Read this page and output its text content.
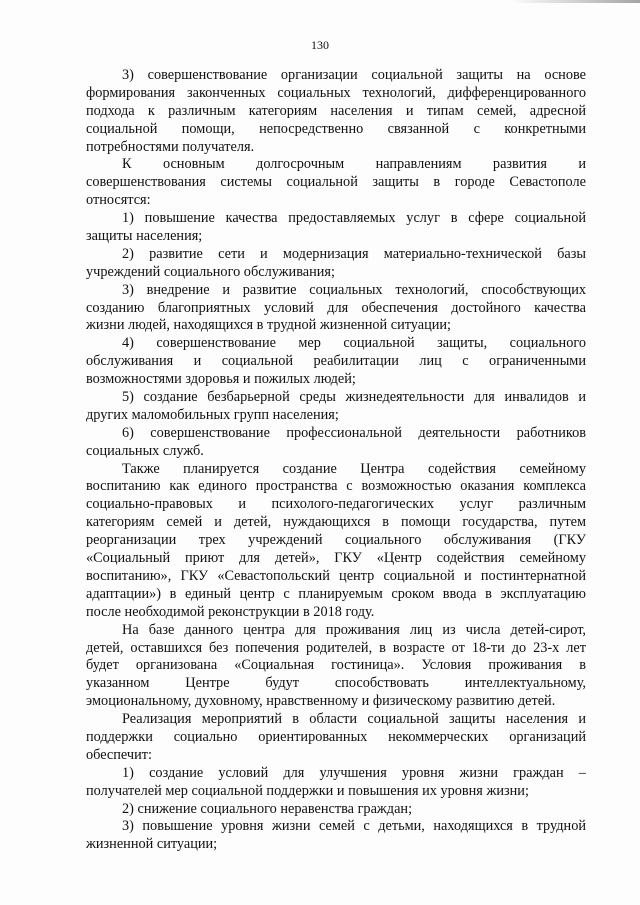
130
3) совершенствование организации социальной защиты на основе
формирования законченных социальных технологий, дифференцированного
подхода к различным категориям населения и типам семей, адресной
социальной помощи, непосредственно связанной с конкретными
потребностями получателя.
К основным долгосрочным направлениям развития и
совершенствования системы социальной защиты в городе Севастополе
относятся:
1) повышение качества предоставляемых услуг в сфере социальной
защиты населения;
2) развитие сети и модернизация материально-технической базы
учреждений социального обслуживания;
3) внедрение и развитие социальных технологий, способствующих
созданию благоприятных условий для обеспечения достойного качества
жизни людей, находящихся в трудной жизненной ситуации;
4) совершенствование мер социальной защиты, социального
обслуживания и социальной реабилитации лиц с ограниченными
возможностями здоровья и пожилых людей;
5) создание безбарьерной среды жизнедеятельности для инвалидов и
других маломобильных групп населения;
6) совершенствование профессиональной деятельности работников
социальных служб.
Также планируется создание Центра содействия семейному
воспитанию как единого пространства с возможностью оказания комплекса
социально-правовых и психолого-педагогических услуг различным
категориям семей и детей, нуждающихся в помощи государства, путем
реорганизации трех учреждений социального обслуживания (ГКУ
«Социальный приют для детей», ГКУ «Центр содействия семейному
воспитанию», ГКУ «Севастопольский центр социальной и постинтернатной
адаптации») в единый центр с планируемым сроком ввода в эксплуатацию
после необходимой реконструкции в 2018 году.
На базе данного центра для проживания лиц из числа детей-сирот,
детей, оставшихся без попечения родителей, в возрасте от 18-ти до 23-х лет
будет организована «Социальная гостиница». Условия проживания в
указанном Центре будут способствовать интеллектуальному,
эмоциональному, духовному, нравственному и физическому развитию детей.
Реализация мероприятий в области социальной защиты населения и
поддержки социально ориентированных некоммерческих организаций
обеспечит:
1) создание условий для улучшения уровня жизни граждан –
получателей мер социальной поддержки и повышения их уровня жизни;
2) снижение социального неравенства граждан;
3) повышение уровня жизни семей с детьми, находящихся в трудной
жизненной ситуации;
